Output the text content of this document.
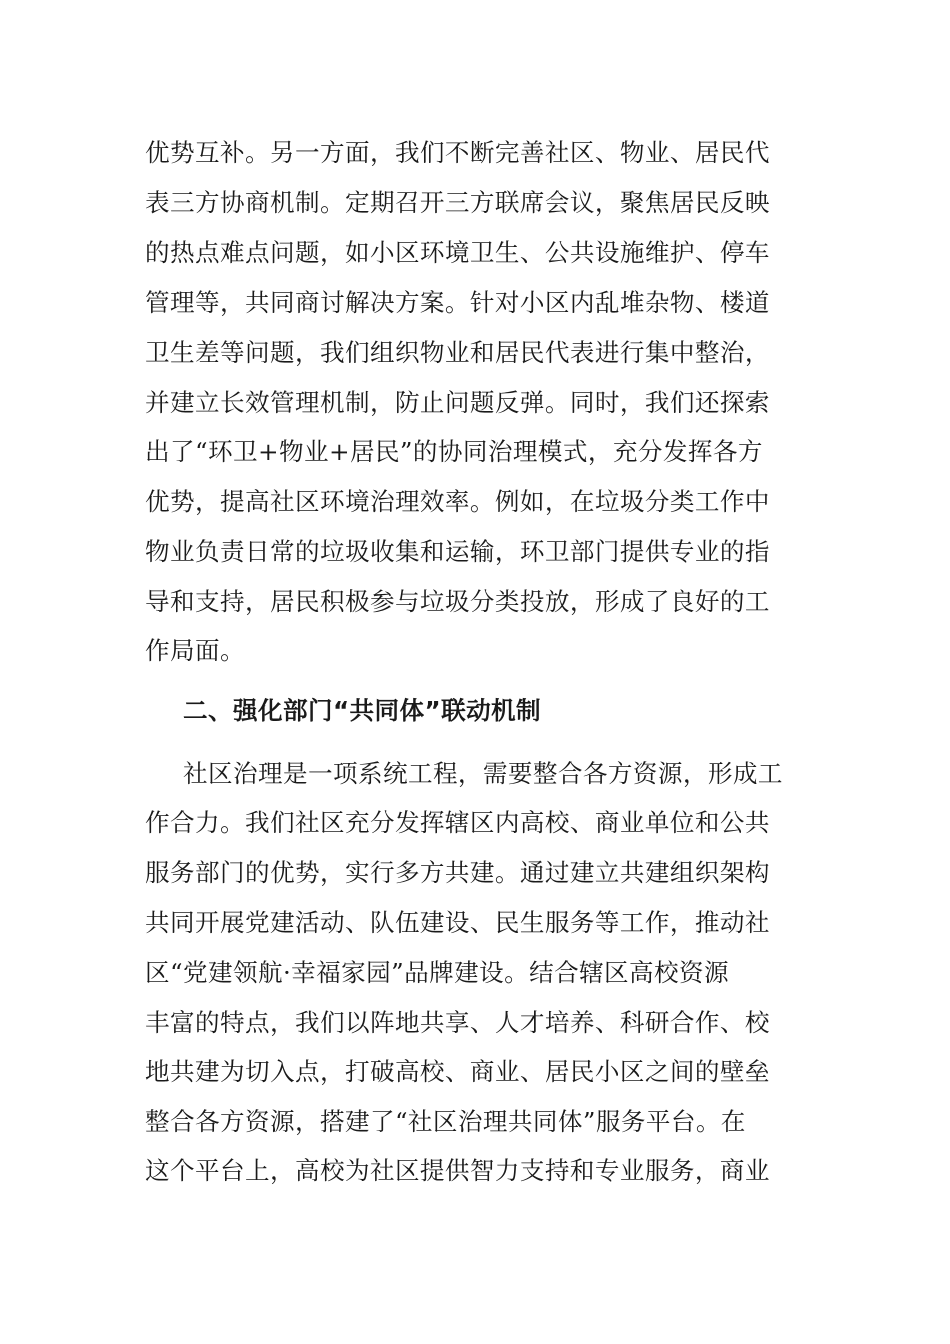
优势互补。另一方面，我们不断完善社区、物业、居民代
表三方协商机制。定期召开三方联席会议，聚焦居民反映
的热点难点问题，如小区环境卫生、公共设施维护、停车
管理等，共同商讨解决方案。针对小区内乱堆杂物、楼道
卫生差等问题，我们组织物业和居民代表进行集中整治，
并建立长效管理机制，防止问题反弹。同时，我们还探索
出了“环卫+物业+居民”的协同治理模式，充分发挥各方
优势，提高社区环境治理效率。例如，在垃圾分类工作中
物业负责日常的垃圾收集和运输，环卫部门提供专业的指
导和支持，居民积极参与垃圾分类投放，形成了良好的工
作局面。
二、强化部门“共同体”联动机制
社区治理是一项系统工程，需要整合各方资源，形成工
作合力。我们社区充分发挥辖区内高校、商业单位和公共
服务部门的优势，实行多方共建。通过建立共建组织架构
共同开展党建活动、队伍建设、民生服务等工作，推动社
区“党建领航·幸福家园”品牌建设。结合辖区高校资源
丰富的特点，我们以阵地共享、人才培养、科研合作、校
地共建为切入点，打破高校、商业、居民小区之间的壁垒
整合各方资源，搭建了“社区治理共同体”服务平台。在
这个平台上，高校为社区提供智力支持和专业服务，商业
